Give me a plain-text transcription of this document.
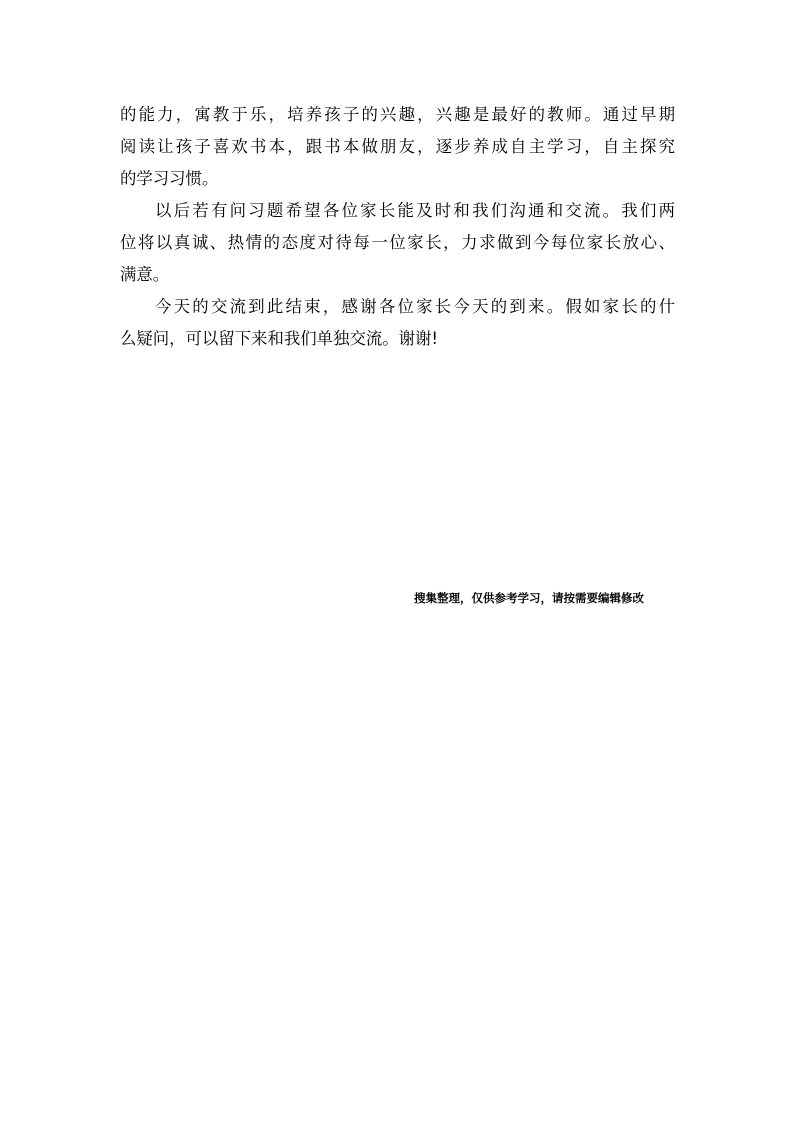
的能力，寓教于乐，培养孩子的兴趣，兴趣是最好的教师。通过早期
阅读让孩子喜欢书本，跟书本做朋友，逐步养成自主学习，自主探究
的学习习惯。
以后若有问习题希望各位家长能及时和我们沟通和交流。我们两
位将以真诚、热情的态度对待每一位家长，力求做到今每位家长放心、
满意。
今天的交流到此结束，感谢各位家长今天的到来。假如家长的什
么疑问，可以留下来和我们单独交流。谢谢!
搜集整理，仅供参考学习，请按需要编辑修改
